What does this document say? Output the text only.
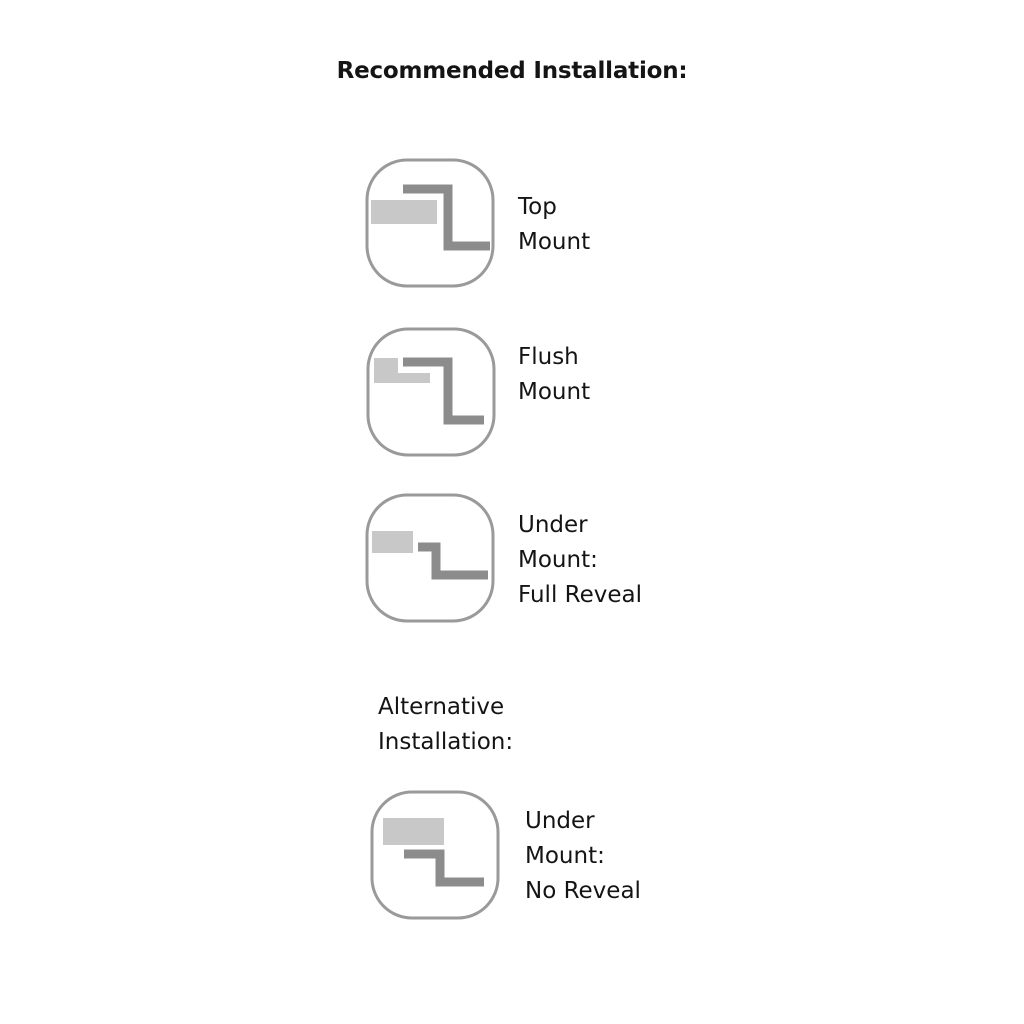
Recommended Installation:
Top
Mount
Flush
Mount
Under
Mount:
Full Reveal
Alternative
Installation:
Under
Mount:
No Reveal
